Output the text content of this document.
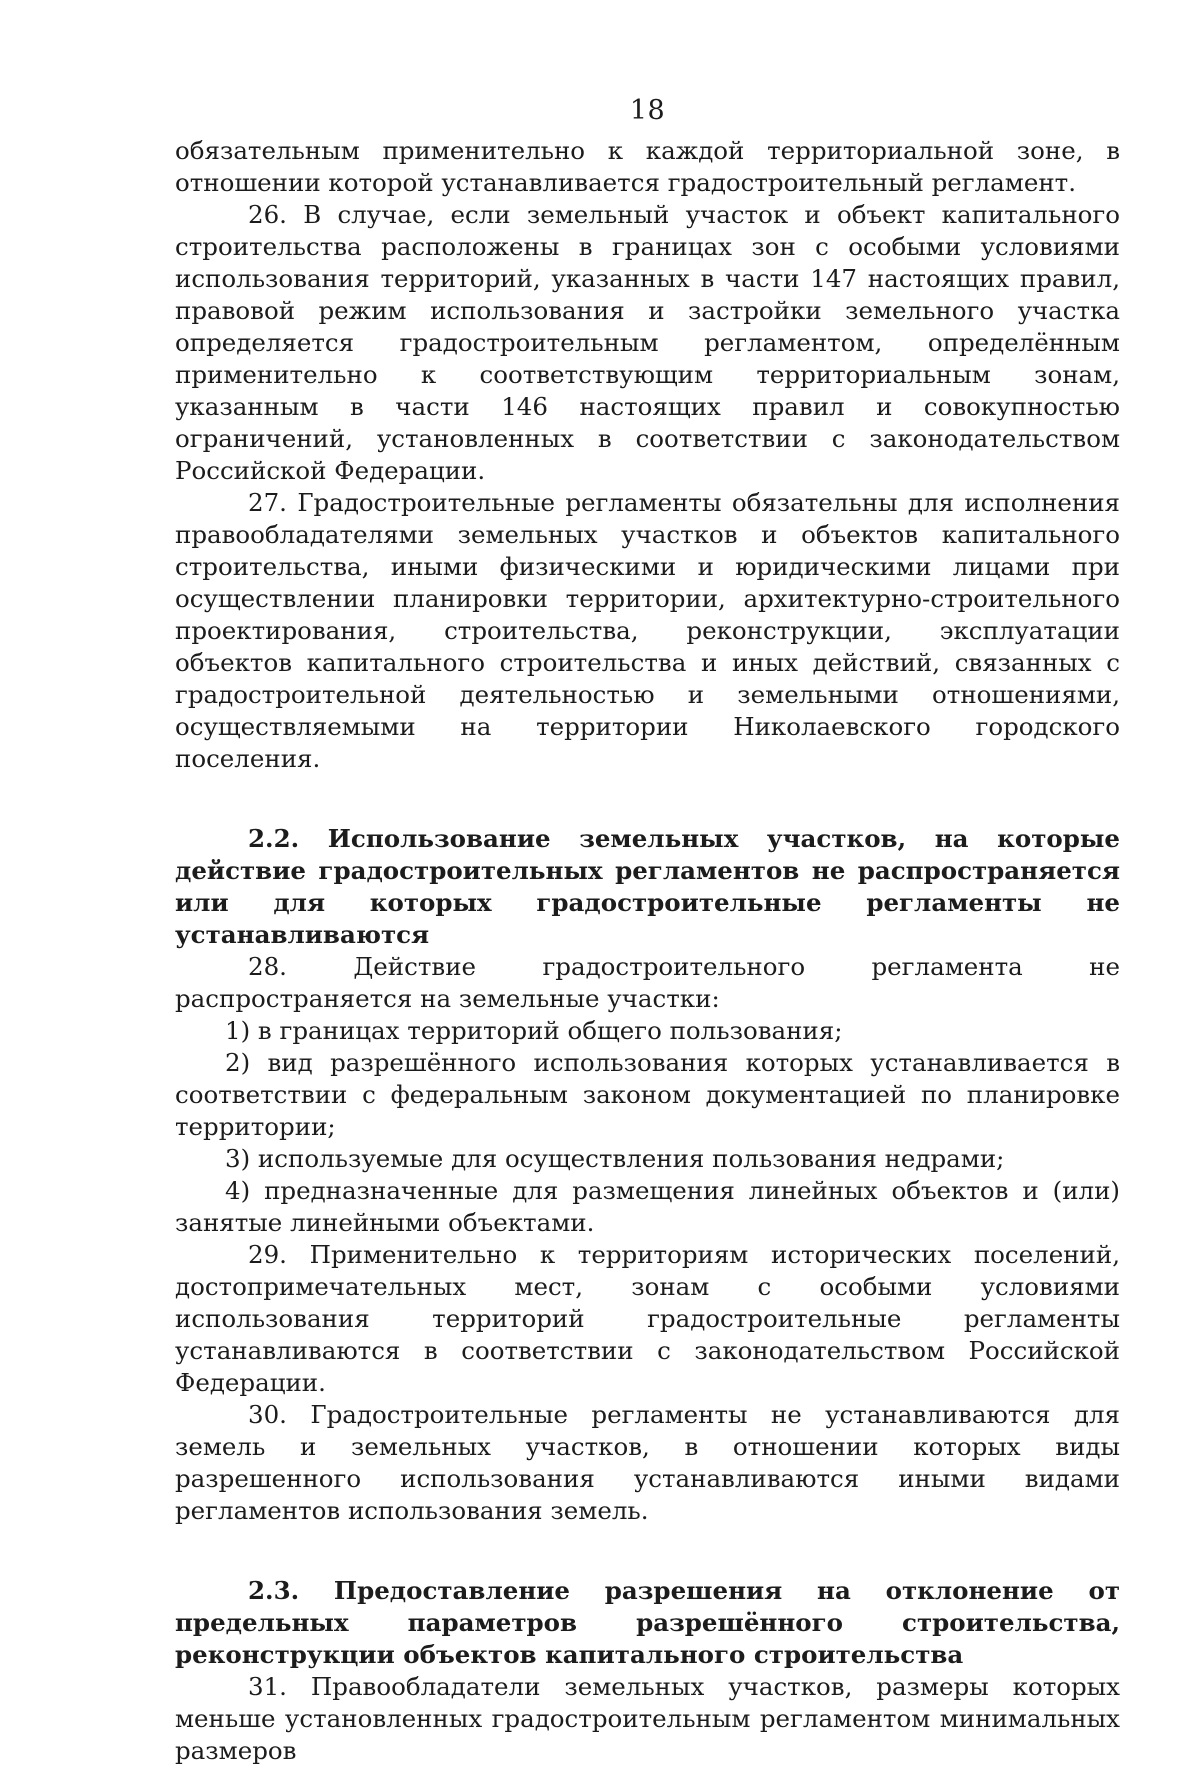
18

обязательным применительно к каждой территориальной зоне, в отношении которой устанавливается градостроительный регламент.

26. В случае, если земельный участок и объект капитального строительства расположены в границах зон с особыми условиями использования территорий, указанных в части 147 настоящих правил, правовой режим использования и застройки земельного участка определяется градостроительным регламентом, определённым применительно к соответствующим территориальным зонам, указанным в части 146 настоящих правил и совокупностью ограничений, установленных в соответствии с законодательством Российской Федерации.

27. Градостроительные регламенты обязательны для исполнения правообладателями земельных участков и объектов капитального строительства, иными физическими и юридическими лицами при осуществлении планировки территории, архитектурно-строительного проектирования, строительства, реконструкции, эксплуатации объектов капитального строительства и иных действий, связанных с градостроительной деятельностью и земельными отношениями, осуществляемыми на территории Николаевского городского поселения.

2.2. Использование земельных участков, на которые действие градостроительных регламентов не распространяется или для которых градостроительные регламенты не устанавливаются

28. Действие градостроительного регламента не распространяется на земельные участки:

1) в границах территорий общего пользования;

2) вид разрешённого использования которых устанавливается в соответствии с федеральным законом документацией по планировке территории;

3) используемые для осуществления пользования недрами;

4) предназначенные для размещения линейных объектов и (или) занятые линейными объектами.

29. Применительно к территориям исторических поселений, достопримечательных мест, зонам с особыми условиями использования территорий градостроительные регламенты устанавливаются в соответствии с законодательством Российской Федерации.

30. Градостроительные регламенты не устанавливаются для земель и земельных участков, в отношении которых виды разрешенного использования устанавливаются иными видами регламентов использования земель.

2.3. Предоставление разрешения на отклонение от предельных параметров разрешённого строительства, реконструкции объектов капитального строительства

31. Правообладатели земельных участков, размеры которых меньше установленных градостроительным регламентом минимальных размеров
